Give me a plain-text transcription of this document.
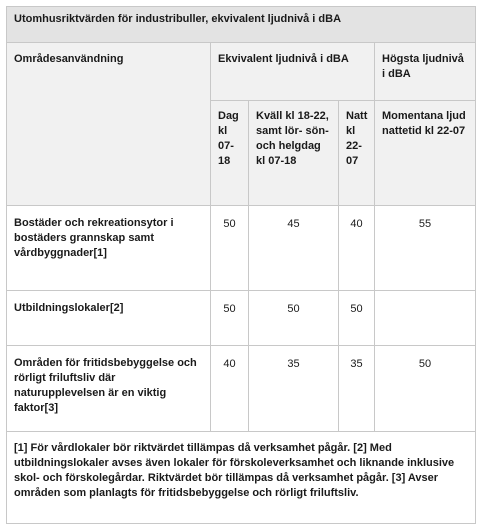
Utomhusriktvärden för industribuller, ekvivalent ljudnivå i dBA				
Områdesanvändning	Ekvivalent ljudnivå i dBA			Högsta ljudnivå i dBA
	Dag kl 07-18	Kväll kl 18-22, samt lör- sön- och helgdag kl 07-18	Natt kl 22-07	Momentana ljud nattetid kl 22-07
Bostäder och rekreationsytor i bostäders grannskap samt vårdbyggnader[1]	50	45	40	55
Utbildningslokaler[2]	50	50	50	
Områden för fritidsbebyggelse och rörligt friluftsliv där naturupplevelsen är en viktig faktor[3]	40	35	35	50
[1] För vårdlokaler bör riktvärdet tillämpas då verksamhet pågår. [2] Med utbildningslokaler avses även lokaler för förskoleverksamhet och liknande inklusive skol- och förskolegårdar. Riktvärdet bör tillämpas då verksamhet pågår. [3] Avser områden som planlagts för fritidsbebyggelse och rörligt friluftsliv.				
